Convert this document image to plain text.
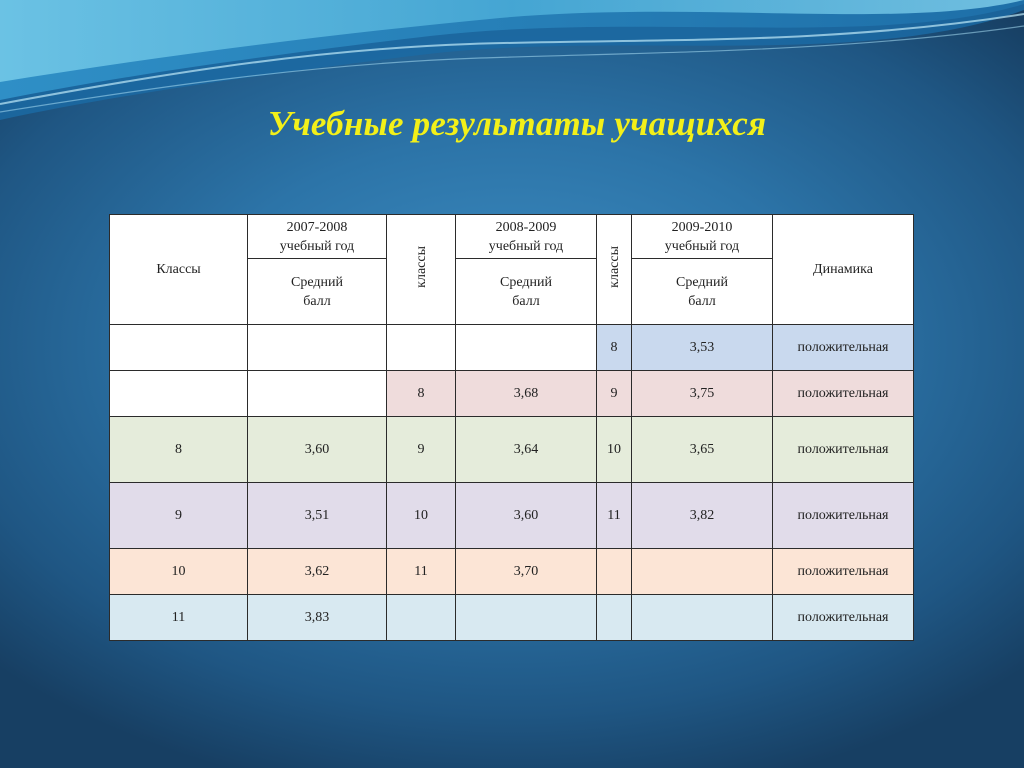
Учебные результаты учащихся
Классы	2007-2008 учебный год	классы	2008-2009 учебный год	классы	2009-2010 учебный год	Динамика
	Средний балл		Средний балл		Средний балл	
				8	3,53	положительная
		8	3,68	9	3,75	положительная
8	3,60	9	3,64	10	3,65	положительная
9	3,51	10	3,60	11	3,82	положительная
10	3,62	11	3,70			положительная
11	3,83					положительная
